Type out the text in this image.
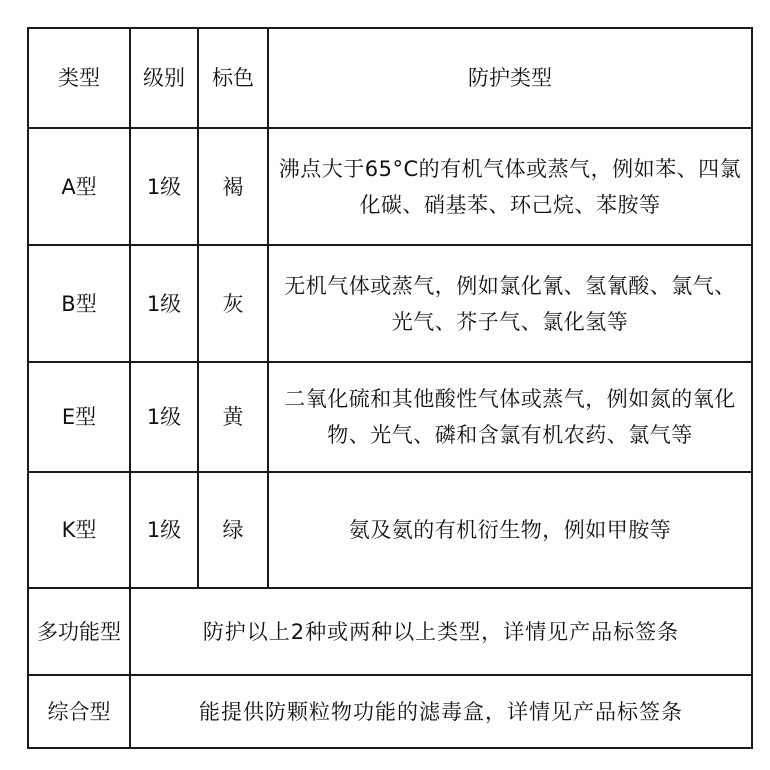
类型	级别	标色	防护类型
A型	1级	褐	沸点大于65°C的有机气体或蒸气，例如苯、四氯化碳、硝基苯、环己烷、苯胺等
B型	1级	灰	无机气体或蒸气，例如氯化氰、氢氰酸、氯气、光气、芥子气、氯化氢等
E型	1级	黄	二氧化硫和其他酸性气体或蒸气，例如氮的氧化物、光气、磷和含氯有机农药、氯气等
K型	1级	绿	氨及氨的有机衍生物，例如甲胺等
多功能型	防护以上2种或两种以上类型，详情见产品标签条		
综合型	能提供防颗粒物功能的滤毒盒，详情见产品标签条		
